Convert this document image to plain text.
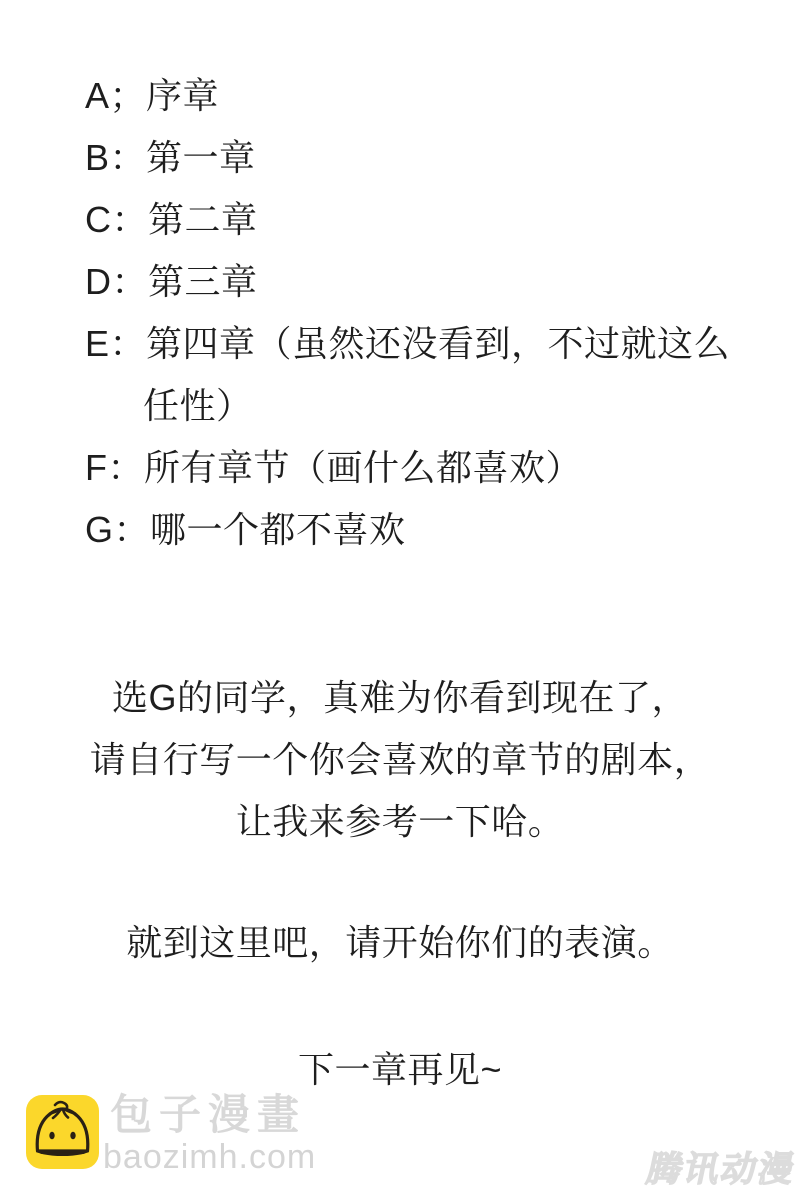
A；序章
B：第一章
C：第二章
D：第三章
E：第四章（虽然还没看到，不过就这么任性）
F：所有章节（画什么都喜欢）
G：哪一个都不喜欢
选G的同学，真难为你看到现在了，
请自行写一个你会喜欢的章节的剧本，
让我来参考一下哈。
就到这里吧，请开始你们的表演。
下一章再见~
包子漫畫
baozimh.com	腾讯动漫
